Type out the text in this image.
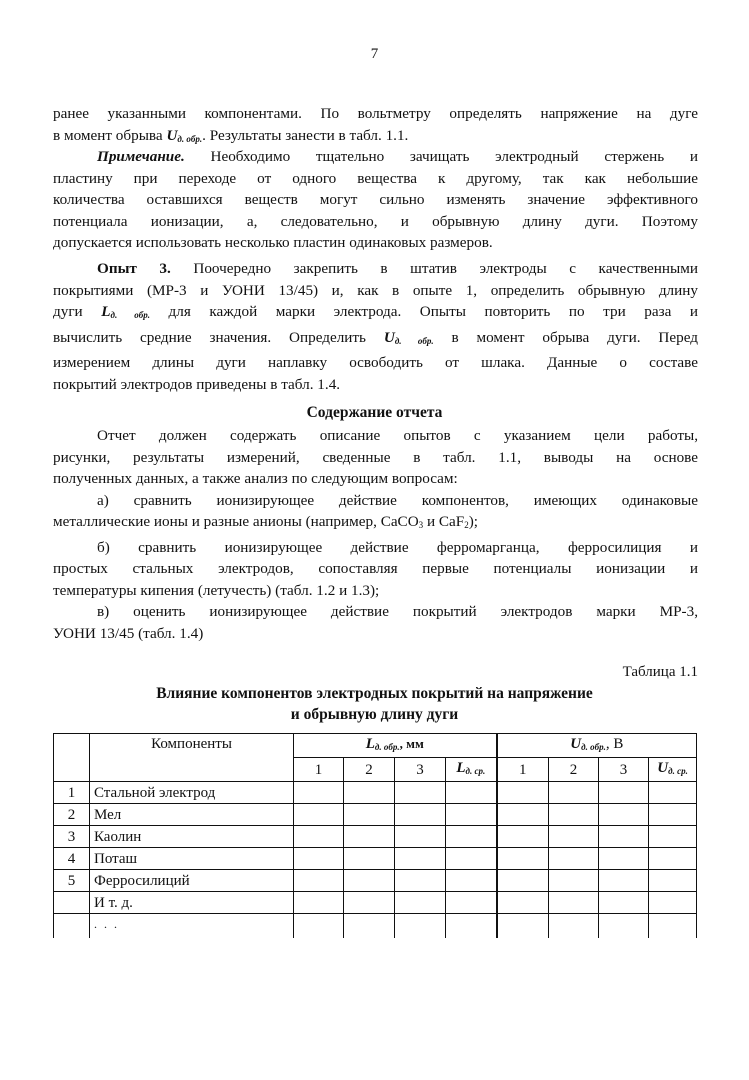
7
ранее указанными компонентами. По вольтметру определять напряжение на дуге
в момент обрыва $U_{д. обр.}$. Результаты занести в табл. 1.1.
Примечание. Необходимо тщательно зачищать электродный стержень и
пластину при переходе от одного вещества к другому, так как небольшие
количества оставшихся веществ могут сильно изменять значение эффективного
потенциала ионизации, а, следовательно, и обрывную длину дуги. Поэтому
допускается использовать несколько пластин одинаковых размеров.
Опыт 3. Поочередно закрепить в штатив электроды с качественными
покрытиями (МР-3 и УОНИ 13/45) и, как в опыте 1, определить обрывную длину
дуги $L_{д. обр.}$ для каждой марки электрода. Опыты повторить по три раза и
вычислить средние значения. Определить $U_{д. обр.}$ в момент обрыва дуги. Перед
измерением длины дуги наплавку освободить от шлака. Данные о составе
покрытий электродов приведены в табл. 1.4.
Содержание отчета
Отчет должен содержать описание опытов с указанием цели работы,
рисунки, результаты измерений, сведенные в табл. 1.1, выводы на основе
полученных данных, а также анализ по следующим вопросам:
а) сравнить ионизирующее действие компонентов, имеющих одинаковые
металлические ионы и разные анионы (например, CaCO$_3$ и CaF$_2$);
б) сравнить ионизирующее действие ферромарганца, ферросилиция и
простых стальных электродов, сопоставляя первые потенциалы ионизации и
температуры кипения (летучесть) (табл. 1.2 и 1.3);
в) оценить ионизирующее действие покрытий электродов марки МР-3,
УОНИ 13/45 (табл. 1.4)
Таблица 1.1
Влияние компонентов электродных покрытий на напряжение
и обрывную длину дуги
	Компоненты	$L_{д. обр.}$, мм				$U_{д. обр.}$, В			
		1	2	3	$L_{д. ср.}$	1	2	3	$U_{д. ср.}$
1	Стальной электрод								
2	Мел								
3	Каолин								
4	Поташ								
5	Ферросилиций								
	И т. д.								
	. . .								
